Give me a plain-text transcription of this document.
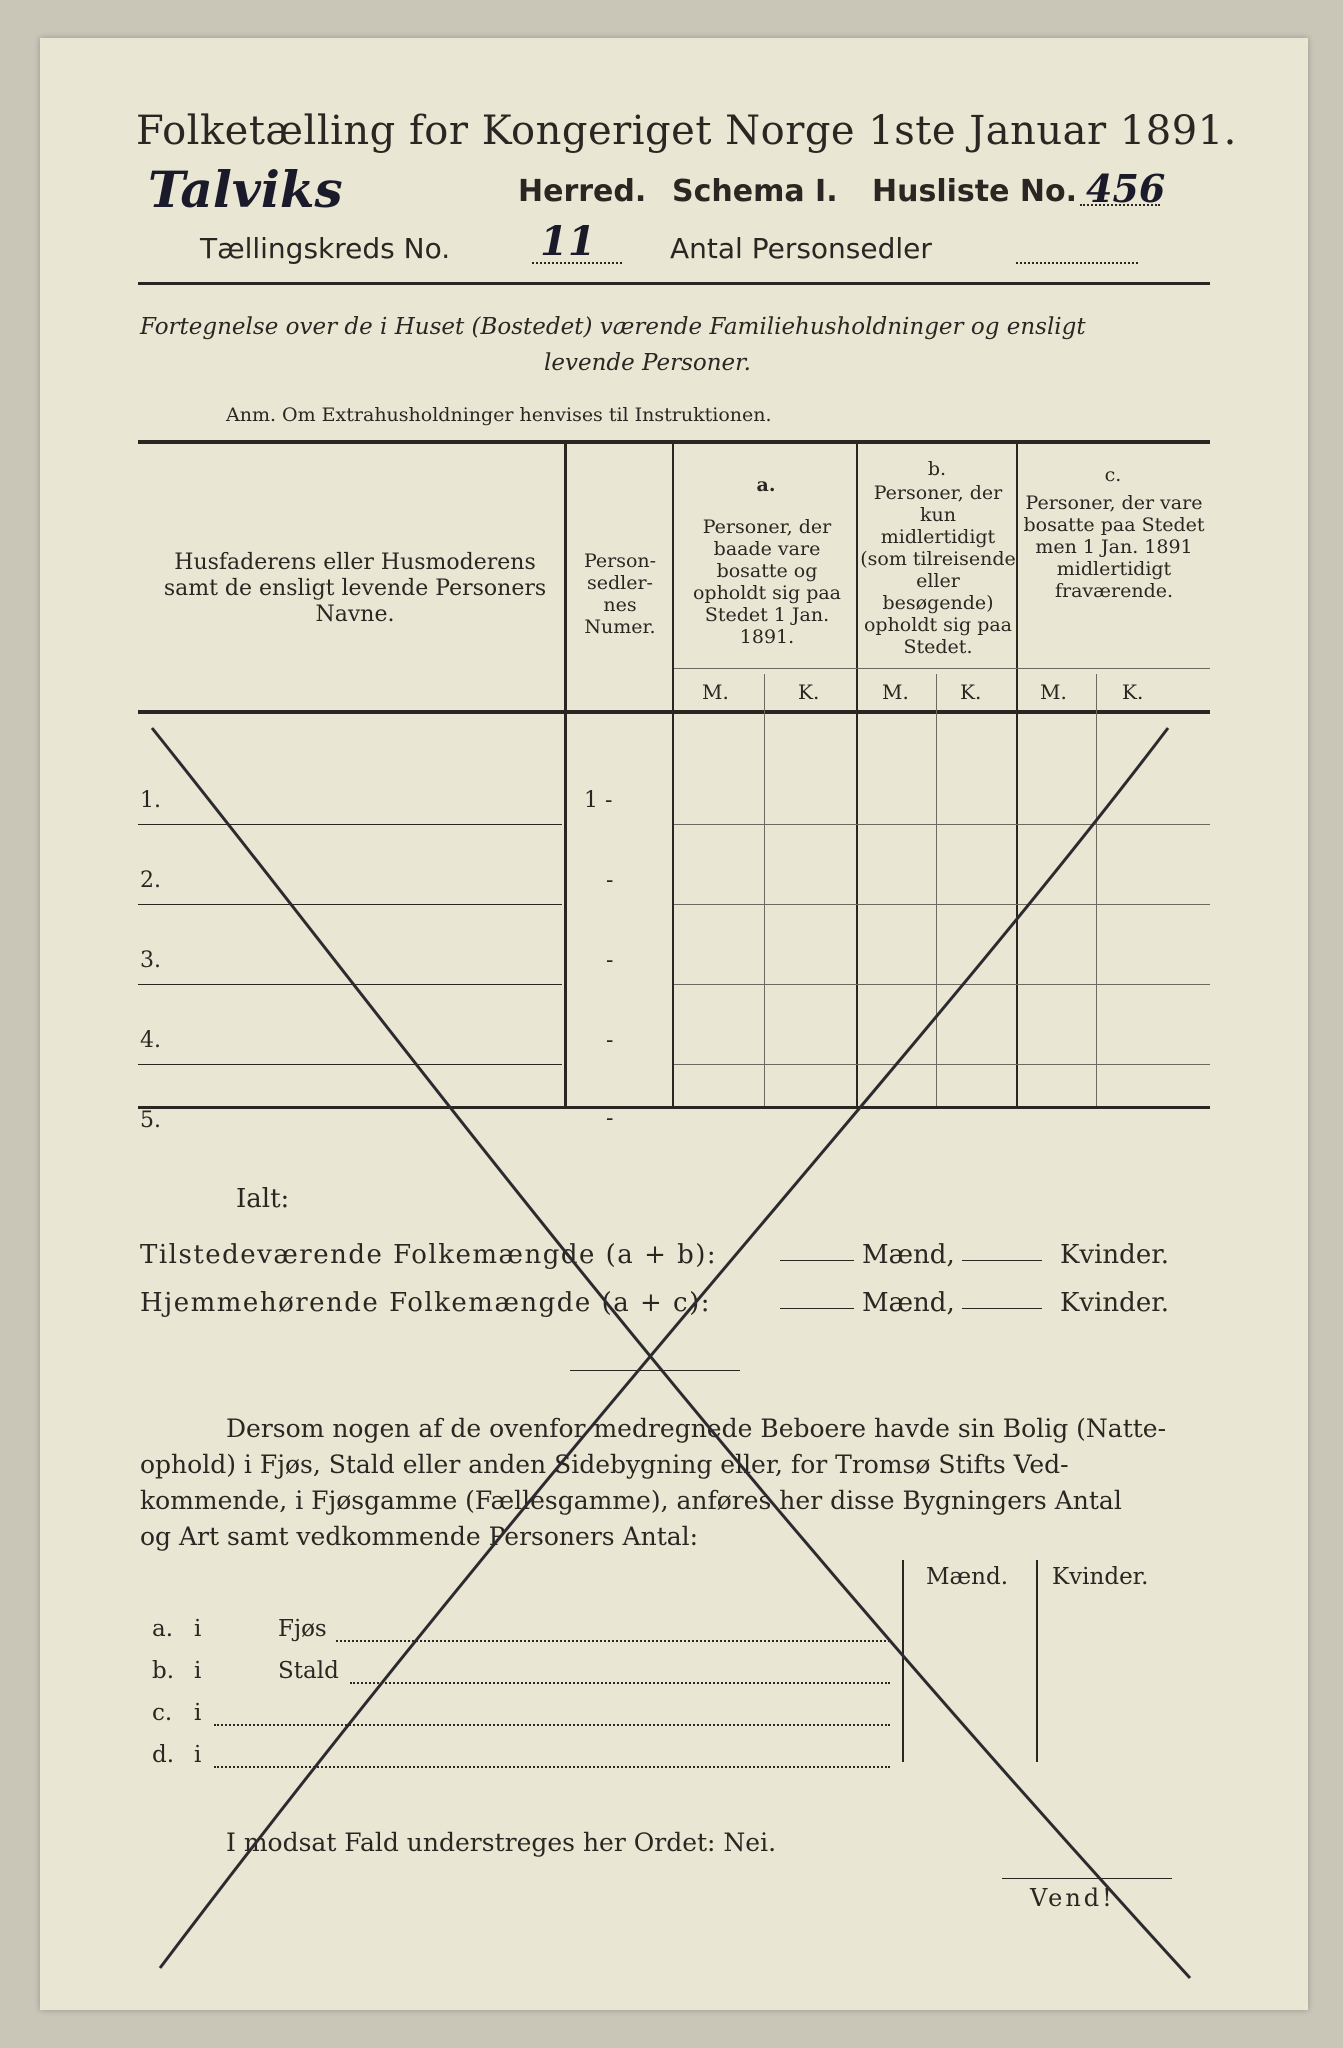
Folketælling for Kongeriget Norge 1ste Januar 1891.
Talviks	Herred. Schema I. Husliste No. 456
Tællingskreds No. 11	Antal Personsedler
Fortegnelse over de i Huset (Bostedet) værende Familiehusholdninger og ensligt
levende Personer.
Anm. Om Extrahusholdninger henvises til Instruktionen.
Husfaderens eller Husmoderens samt de ensligt levende Personers Navne.
Person-sedler-nes Numer.
a.
Personer, der baade vare bosatte og opholdt sig paa Stedet 1 Jan. 1891.
b.
Personer, der kun midlertidigt (som tilreisende eller besøgende) opholdt sig paa Stedet.
c.
Personer, der vare bosatte paa Stedet men 1 Jan. 1891 midlertidigt fraværende.
M.	K.	M.	K.	M.	K.
1.	1 -
2.	-
3.	-
4.	-
5.	-
Ialt:
Tilstedeværende Folkemængde (a + b):	Mænd,	Kvinder.
Hjemmehørende Folkemængde (a + c):	Mænd,	Kvinder.
Dersom nogen af de ovenfor medregnede Beboere havde sin Bolig (Natte-
ophold) i Fjøs, Stald eller anden Sidebygning eller, for Tromsø Stifts Ved-
kommende, i Fjøsgamme (Fællesgamme), anføres her disse Bygningers Antal
og Art samt vedkommende Personers Antal:
Mænd. Kvinder.
a. i	Fjøs
b. i	Stald
c. i
d. i
I modsat Fald understreges her Ordet: Nei.
Vend!
